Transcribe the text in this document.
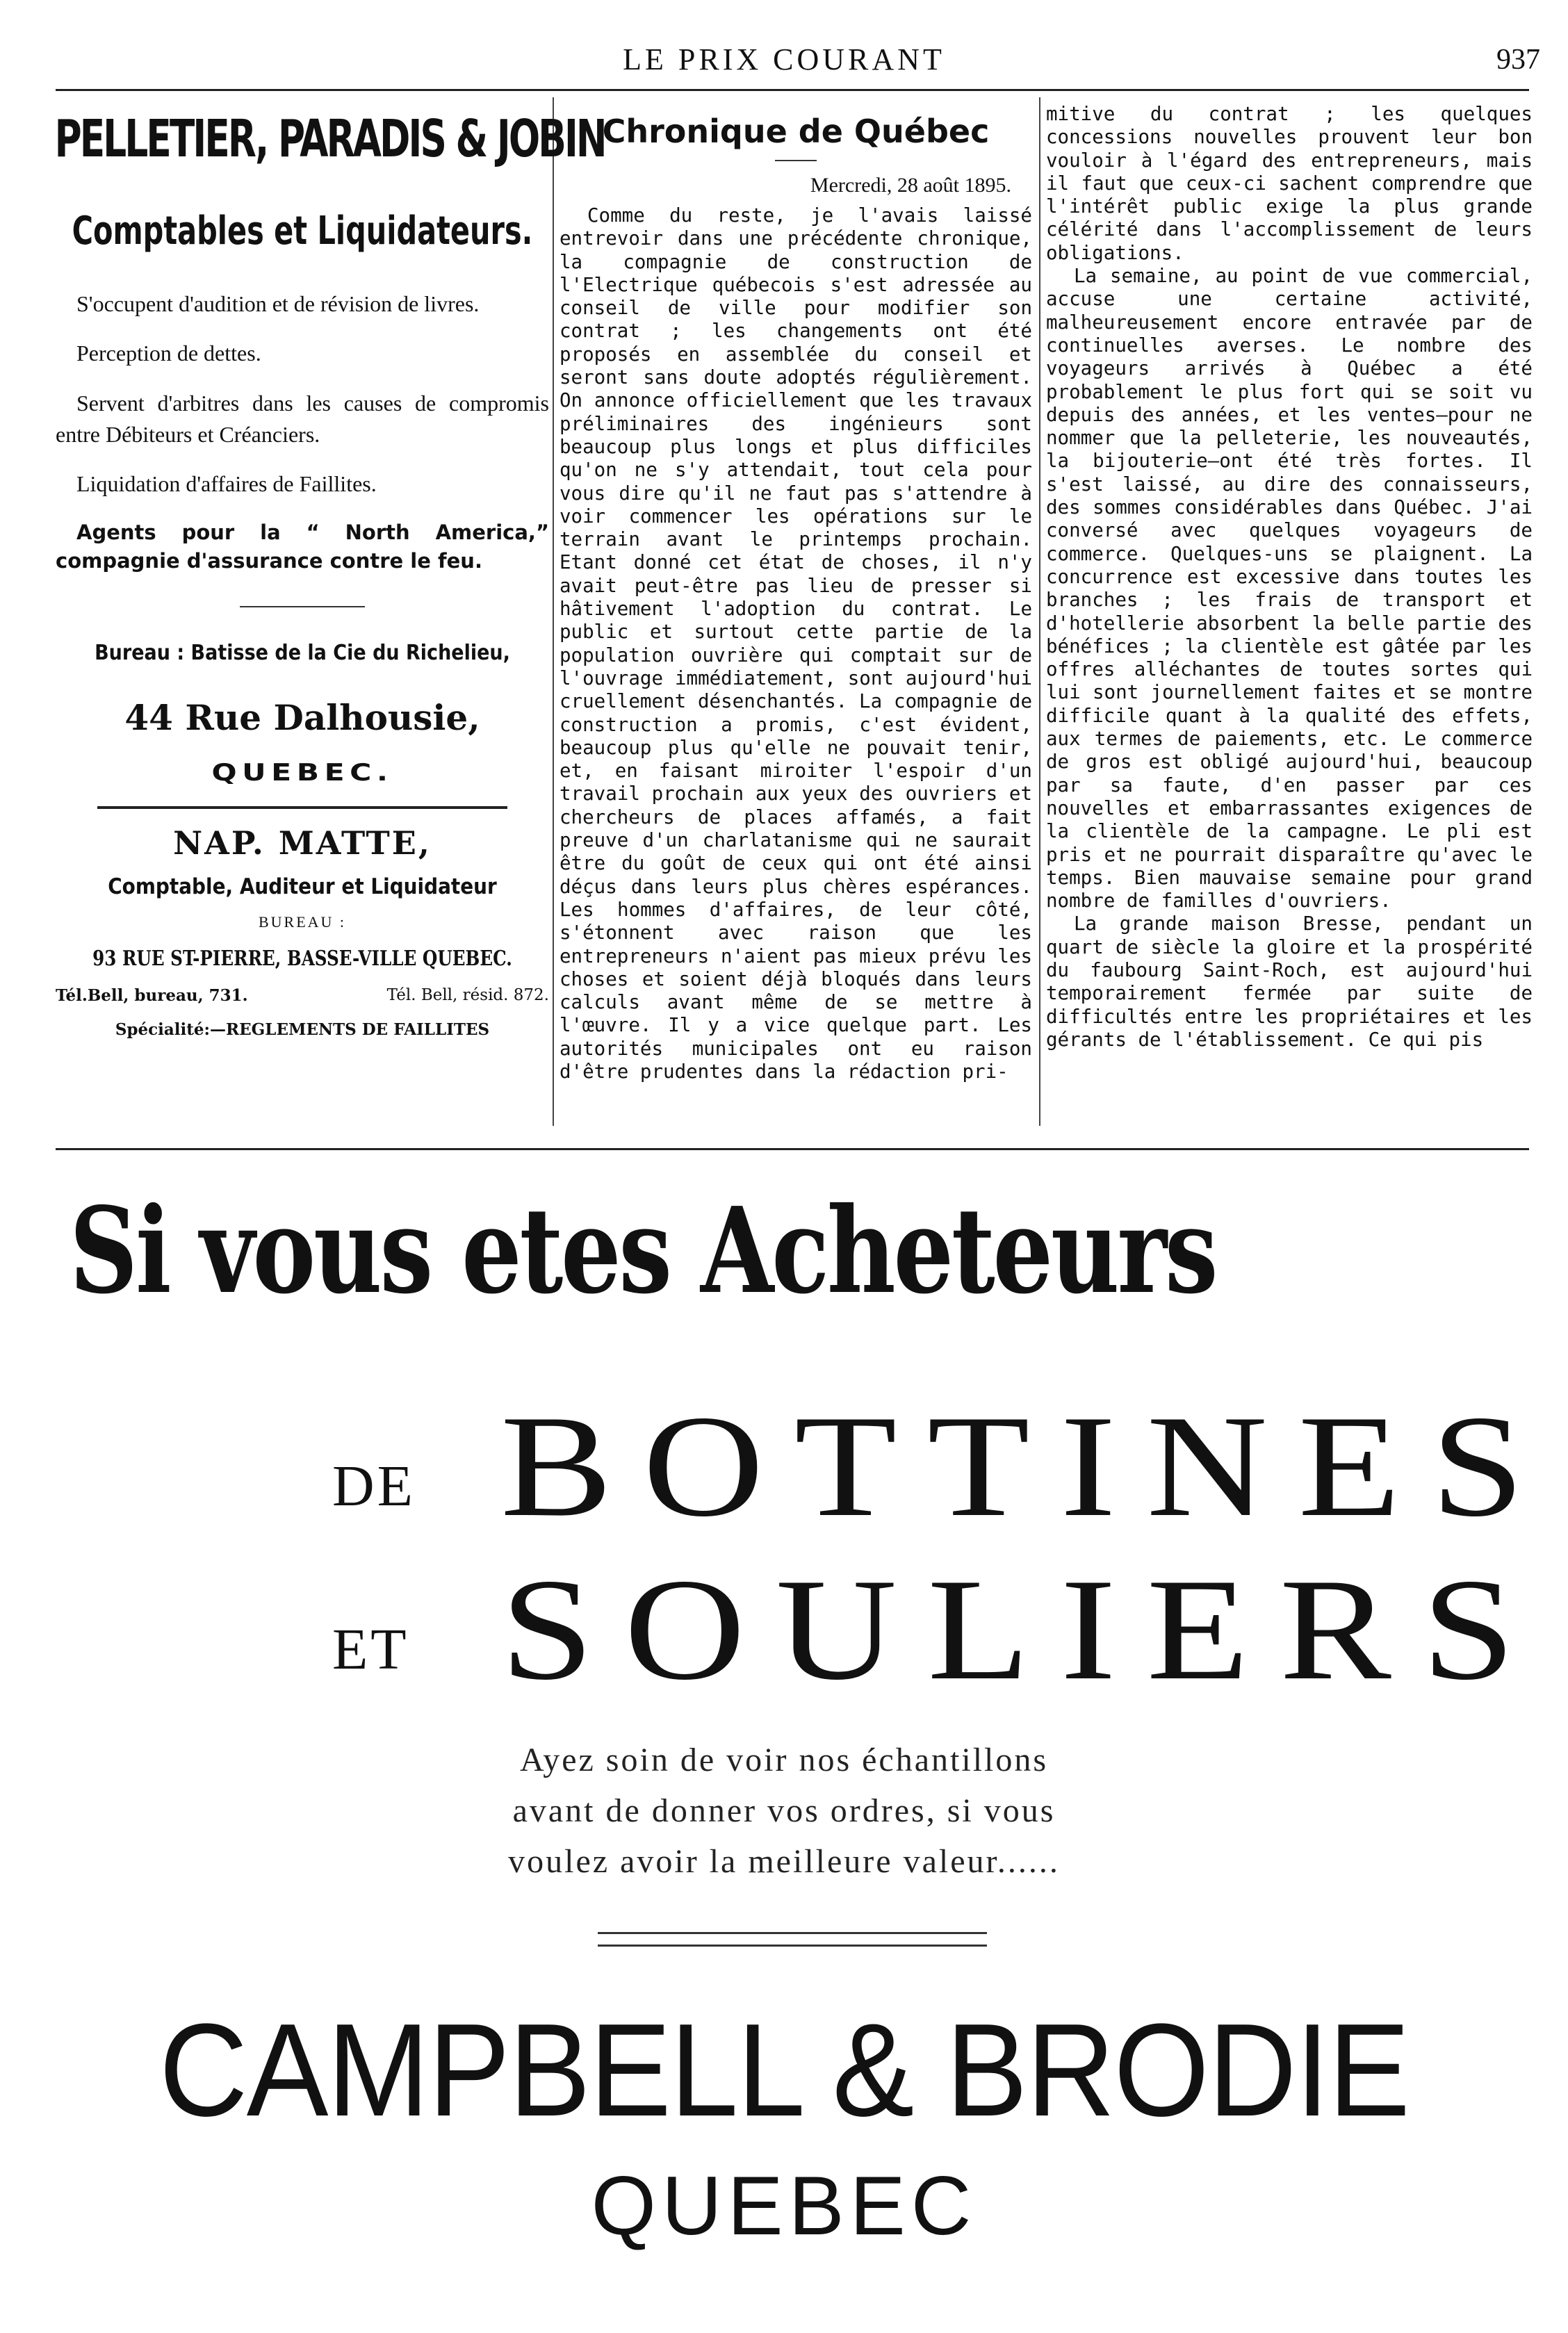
LE PRIX COURANT	937
PELLETIER, PARADIS & JOBIN
Comptables et Liquidateurs.

S'occupent d'audition et de révision de livres.

Perception de dettes.

Servent d'arbitres dans les causes de compromis entre Débiteurs et Créanciers.

Liquidation d'affaires de Faillites.

Agents pour la “ North America,” compagnie d'assurance contre le feu.

Bureau : Batisse de la Cie du Richelieu,
44 Rue Dalhousie,
QUEBEC.
NAP. MATTE,
Comptable, Auditeur et Liquidateur
BUREAU :
93 RUE ST-PIERRE, BASSE-VILLE QUEBEC.
Tél.Bell, bureau, 731.	Tél. Bell, résid. 872.
Spécialité:—REGLEMENTS DE FAILLITES
Chronique de Québec
Mercredi, 28 août 1895.

Comme du reste, je l'avais laissé entrevoir dans une précédente chronique, la compagnie de construction de l'Electrique québecois s'est adressée au conseil de ville pour modifier son contrat ; les changements ont été proposés en assemblée du conseil et seront sans doute adoptés régulièrement. On annonce officiellement que les travaux préliminaires des ingénieurs sont beaucoup plus longs et plus difficiles qu'on ne s'y attendait, tout cela pour vous dire qu'il ne faut pas s'attendre à voir commencer les opérations sur le terrain avant le printemps prochain. Etant donné cet état de choses, il n'y avait peut-être pas lieu de presser si hâtivement l'adoption du contrat. Le public et surtout cette partie de la population ouvrière qui comptait sur de l'ouvrage immédiatement, sont aujourd'hui cruellement désenchantés. La compagnie de construction a promis, c'est évident, beaucoup plus qu'elle ne pouvait tenir, et, en faisant miroiter l'espoir d'un travail prochain aux yeux des ouvriers et chercheurs de places affamés, a fait preuve d'un charlatanisme qui ne saurait être du goût de ceux qui ont été ainsi déçus dans leurs plus chères espérances. Les hommes d'affaires, de leur côté, s'étonnent avec raison que les entrepreneurs n'aient pas mieux prévu les choses et soient déjà bloqués dans leurs calculs avant même de se mettre à l'œuvre. Il y a vice quelque part. Les autorités municipales ont eu raison d'être prudentes dans la rédaction pri-

mitive du contrat ; les quelques concessions nouvelles prouvent leur bon vouloir à l'égard des entrepreneurs, mais il faut que ceux-ci sachent comprendre que l'intérêt public exige la plus grande célérité dans l'accomplissement de leurs obligations.

La semaine, au point de vue commercial, accuse une certaine activité, malheureusement encore entravée par de continuelles averses. Le nombre des voyageurs arrivés à Québec a été probablement le plus fort qui se soit vu depuis des années, et les ventes—pour ne nommer que la pelleterie, les nouveautés, la bijouterie—ont été très fortes. Il s'est laissé, au dire des connaisseurs, des sommes considérables dans Québec. J'ai conversé avec quelques voyageurs de commerce. Quelques-uns se plaignent. La concurrence est excessive dans toutes les branches ; les frais de transport et d'hotellerie absorbent la belle partie des bénéfices ; la clientèle est gâtée par les offres alléchantes de toutes sortes qui lui sont journellement faites et se montre difficile quant à la qualité des effets, aux termes de paiements, etc. Le commerce de gros est obligé aujourd'hui, beaucoup par sa faute, d'en passer par ces nouvelles et embarrassantes exigences de la clientèle de la campagne. Le pli est pris et ne pourrait disparaître qu'avec le temps. Bien mauvaise semaine pour grand nombre de familles d'ouvriers.

La grande maison Bresse, pendant un quart de siècle la gloire et la prospérité du faubourg Saint-Roch, est aujourd'hui temporairement fermée par suite de difficultés entre les propriétaires et les gérants de l'établissement. Ce qui pis

Si vous etes Acheteurs
DE BOTTINES
ET SOULIERS
Ayez soin de voir nos échantillons
avant de donner vos ordres, si vous
voulez avoir la meilleure valeur......
CAMPBELL & BRODIE
QUEBEC
